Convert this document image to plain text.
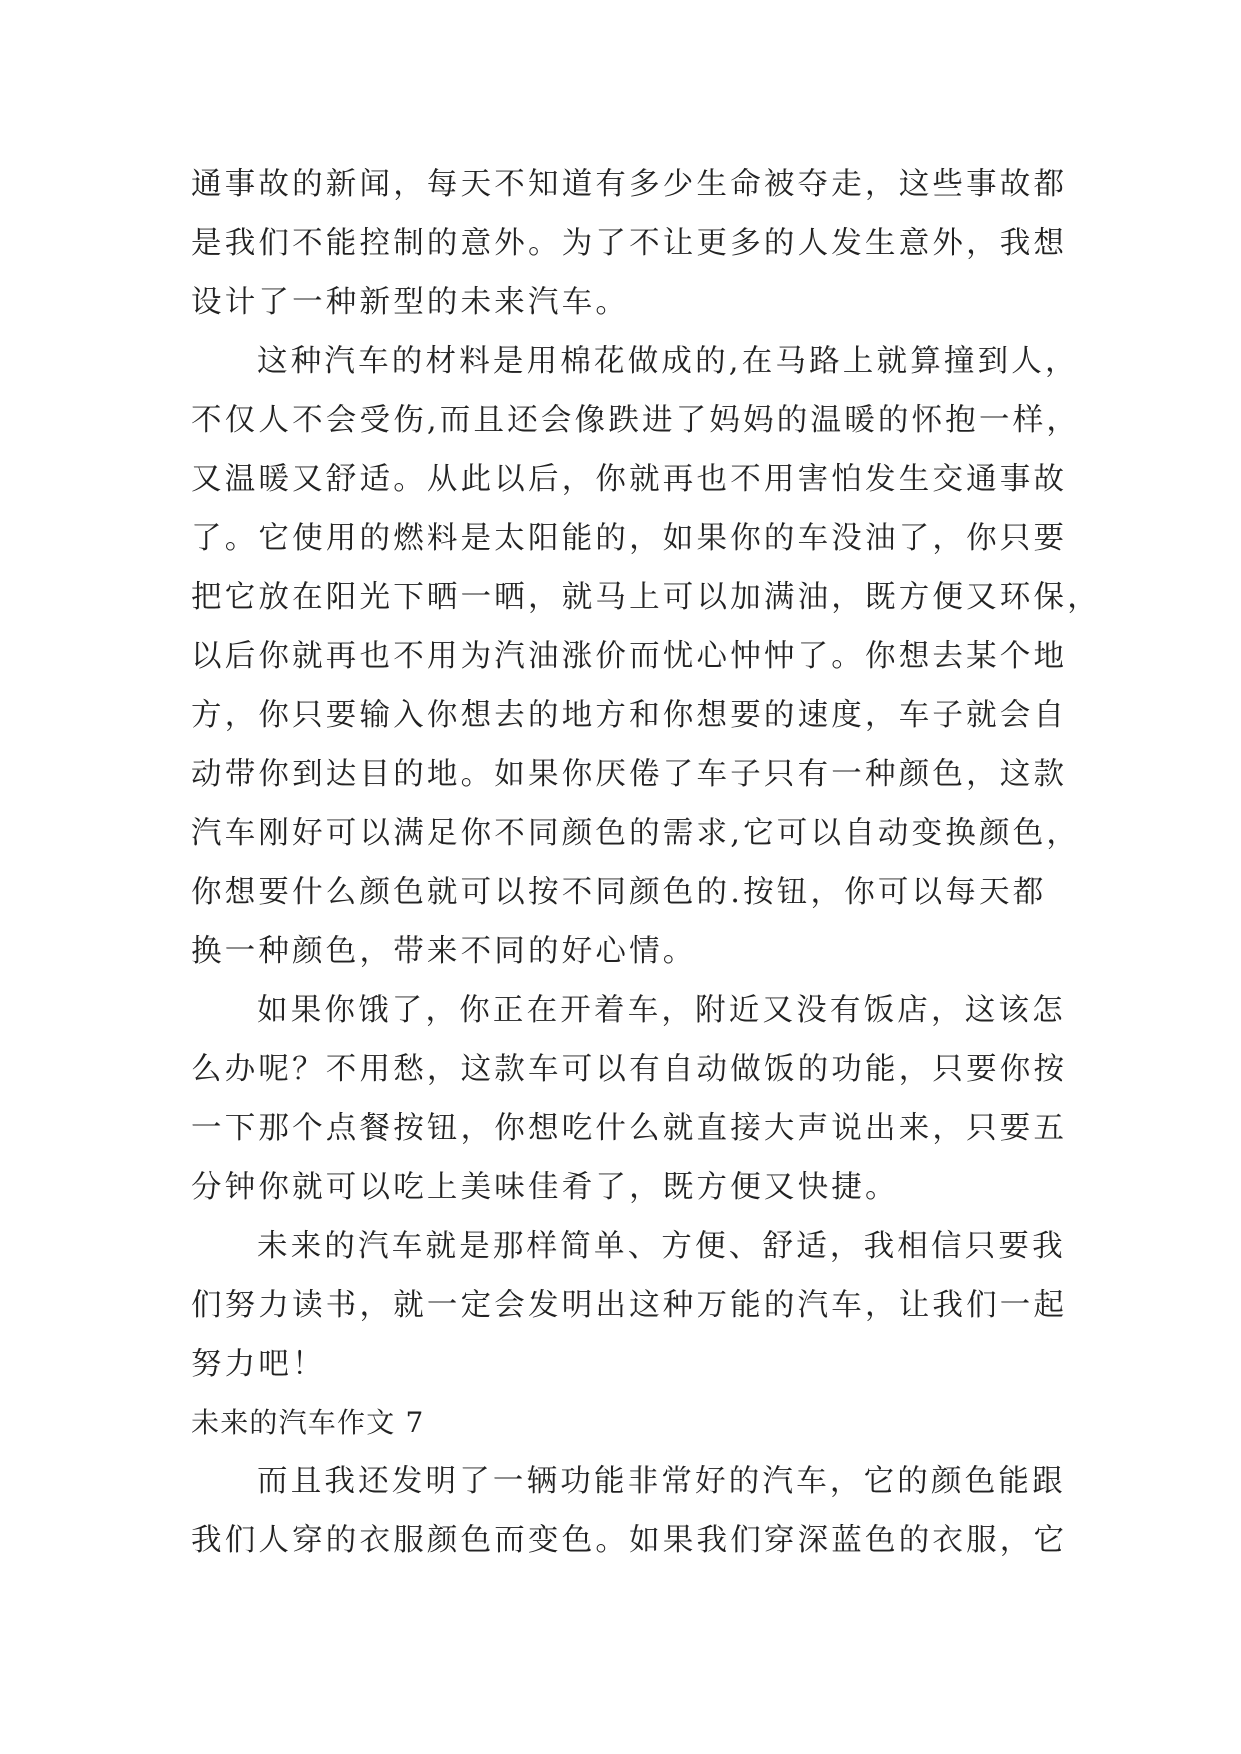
通事故的新闻，每天不知道有多少生命被夺走，这些事故都
是我们不能控制的意外。为了不让更多的人发生意外，我想
设计了一种新型的未来汽车。
这种汽车的材料是用棉花做成的,在马路上就算撞到人，
不仅人不会受伤,而且还会像跌进了妈妈的温暖的怀抱一样，
又温暖又舒适。从此以后，你就再也不用害怕发生交通事故
了。它使用的燃料是太阳能的，如果你的车没油了，你只要
把它放在阳光下晒一晒，就马上可以加满油，既方便又环保，
以后你就再也不用为汽油涨价而忧心忡忡了。你想去某个地
方，你只要输入你想去的地方和你想要的速度，车子就会自
动带你到达目的地。如果你厌倦了车子只有一种颜色，这款
汽车刚好可以满足你不同颜色的需求,它可以自动变换颜色，
你想要什么颜色就可以按不同颜色的.按钮，你可以每天都
换一种颜色，带来不同的好心情。
如果你饿了，你正在开着车，附近又没有饭店，这该怎
么办呢？不用愁，这款车可以有自动做饭的功能，只要你按
一下那个点餐按钮，你想吃什么就直接大声说出来，只要五
分钟你就可以吃上美味佳肴了，既方便又快捷。
未来的汽车就是那样简单、方便、舒适，我相信只要我
们努力读书，就一定会发明出这种万能的汽车，让我们一起
努力吧！
未来的汽车作文 7
而且我还发明了一辆功能非常好的汽车，它的颜色能跟
我们人穿的衣服颜色而变色。如果我们穿深蓝色的衣服，它
